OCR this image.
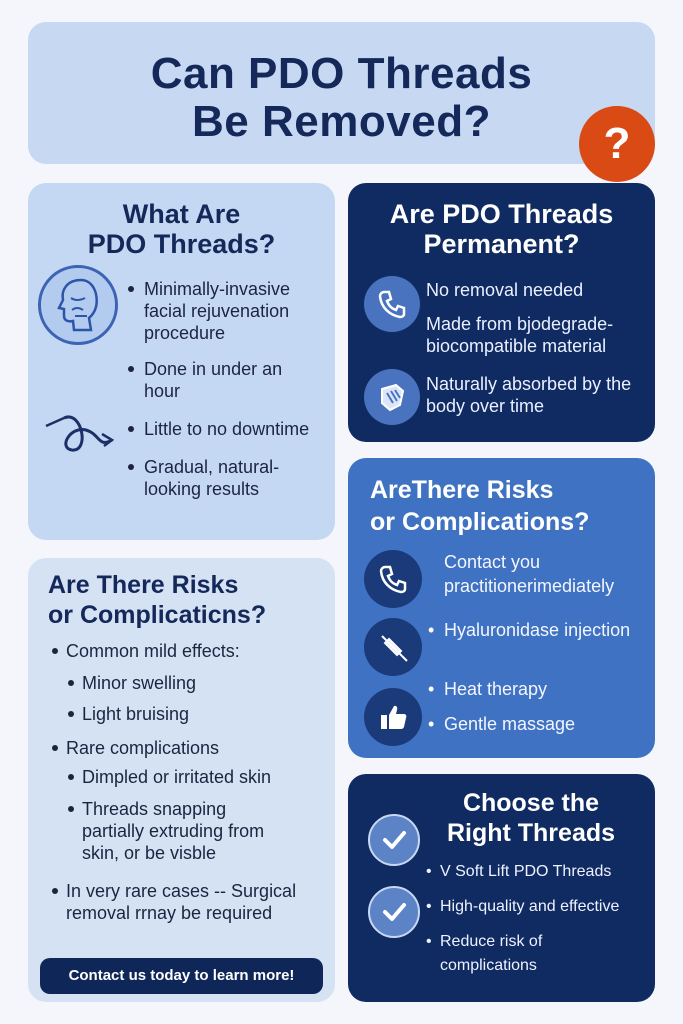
Can PDO Threads
Be Removed?	?
What Are
PDO Threads?
Minimally-invasive facial rejuvenation procedure
Done in under an hour
Little to no downtime
Gradual, natural-looking results
Are PDO Threads
Permanent?
No removal needed
Made from bjodegrade-biocompatible material
Naturally absorbed by the body over time
AreThere Risks
or Complications?
Contact you practitionerimediately
• Hyaluronidase injection
• Heat therapy
• Gentle massage
Are There Risks
or Complicaticns?
Common mild effects:
Minor swelling
Light bruising
Rare complications
Dimpled or irritated skin
Threads snapping partially extruding from skin, or be visble
In very rare cases -- Surgical removal rrnay be required
Contact us today to learn more!
Choose the
Right Threads
• V Soft Lift PDO Threads
• High-quality and effective
• Reduce risk of complications
